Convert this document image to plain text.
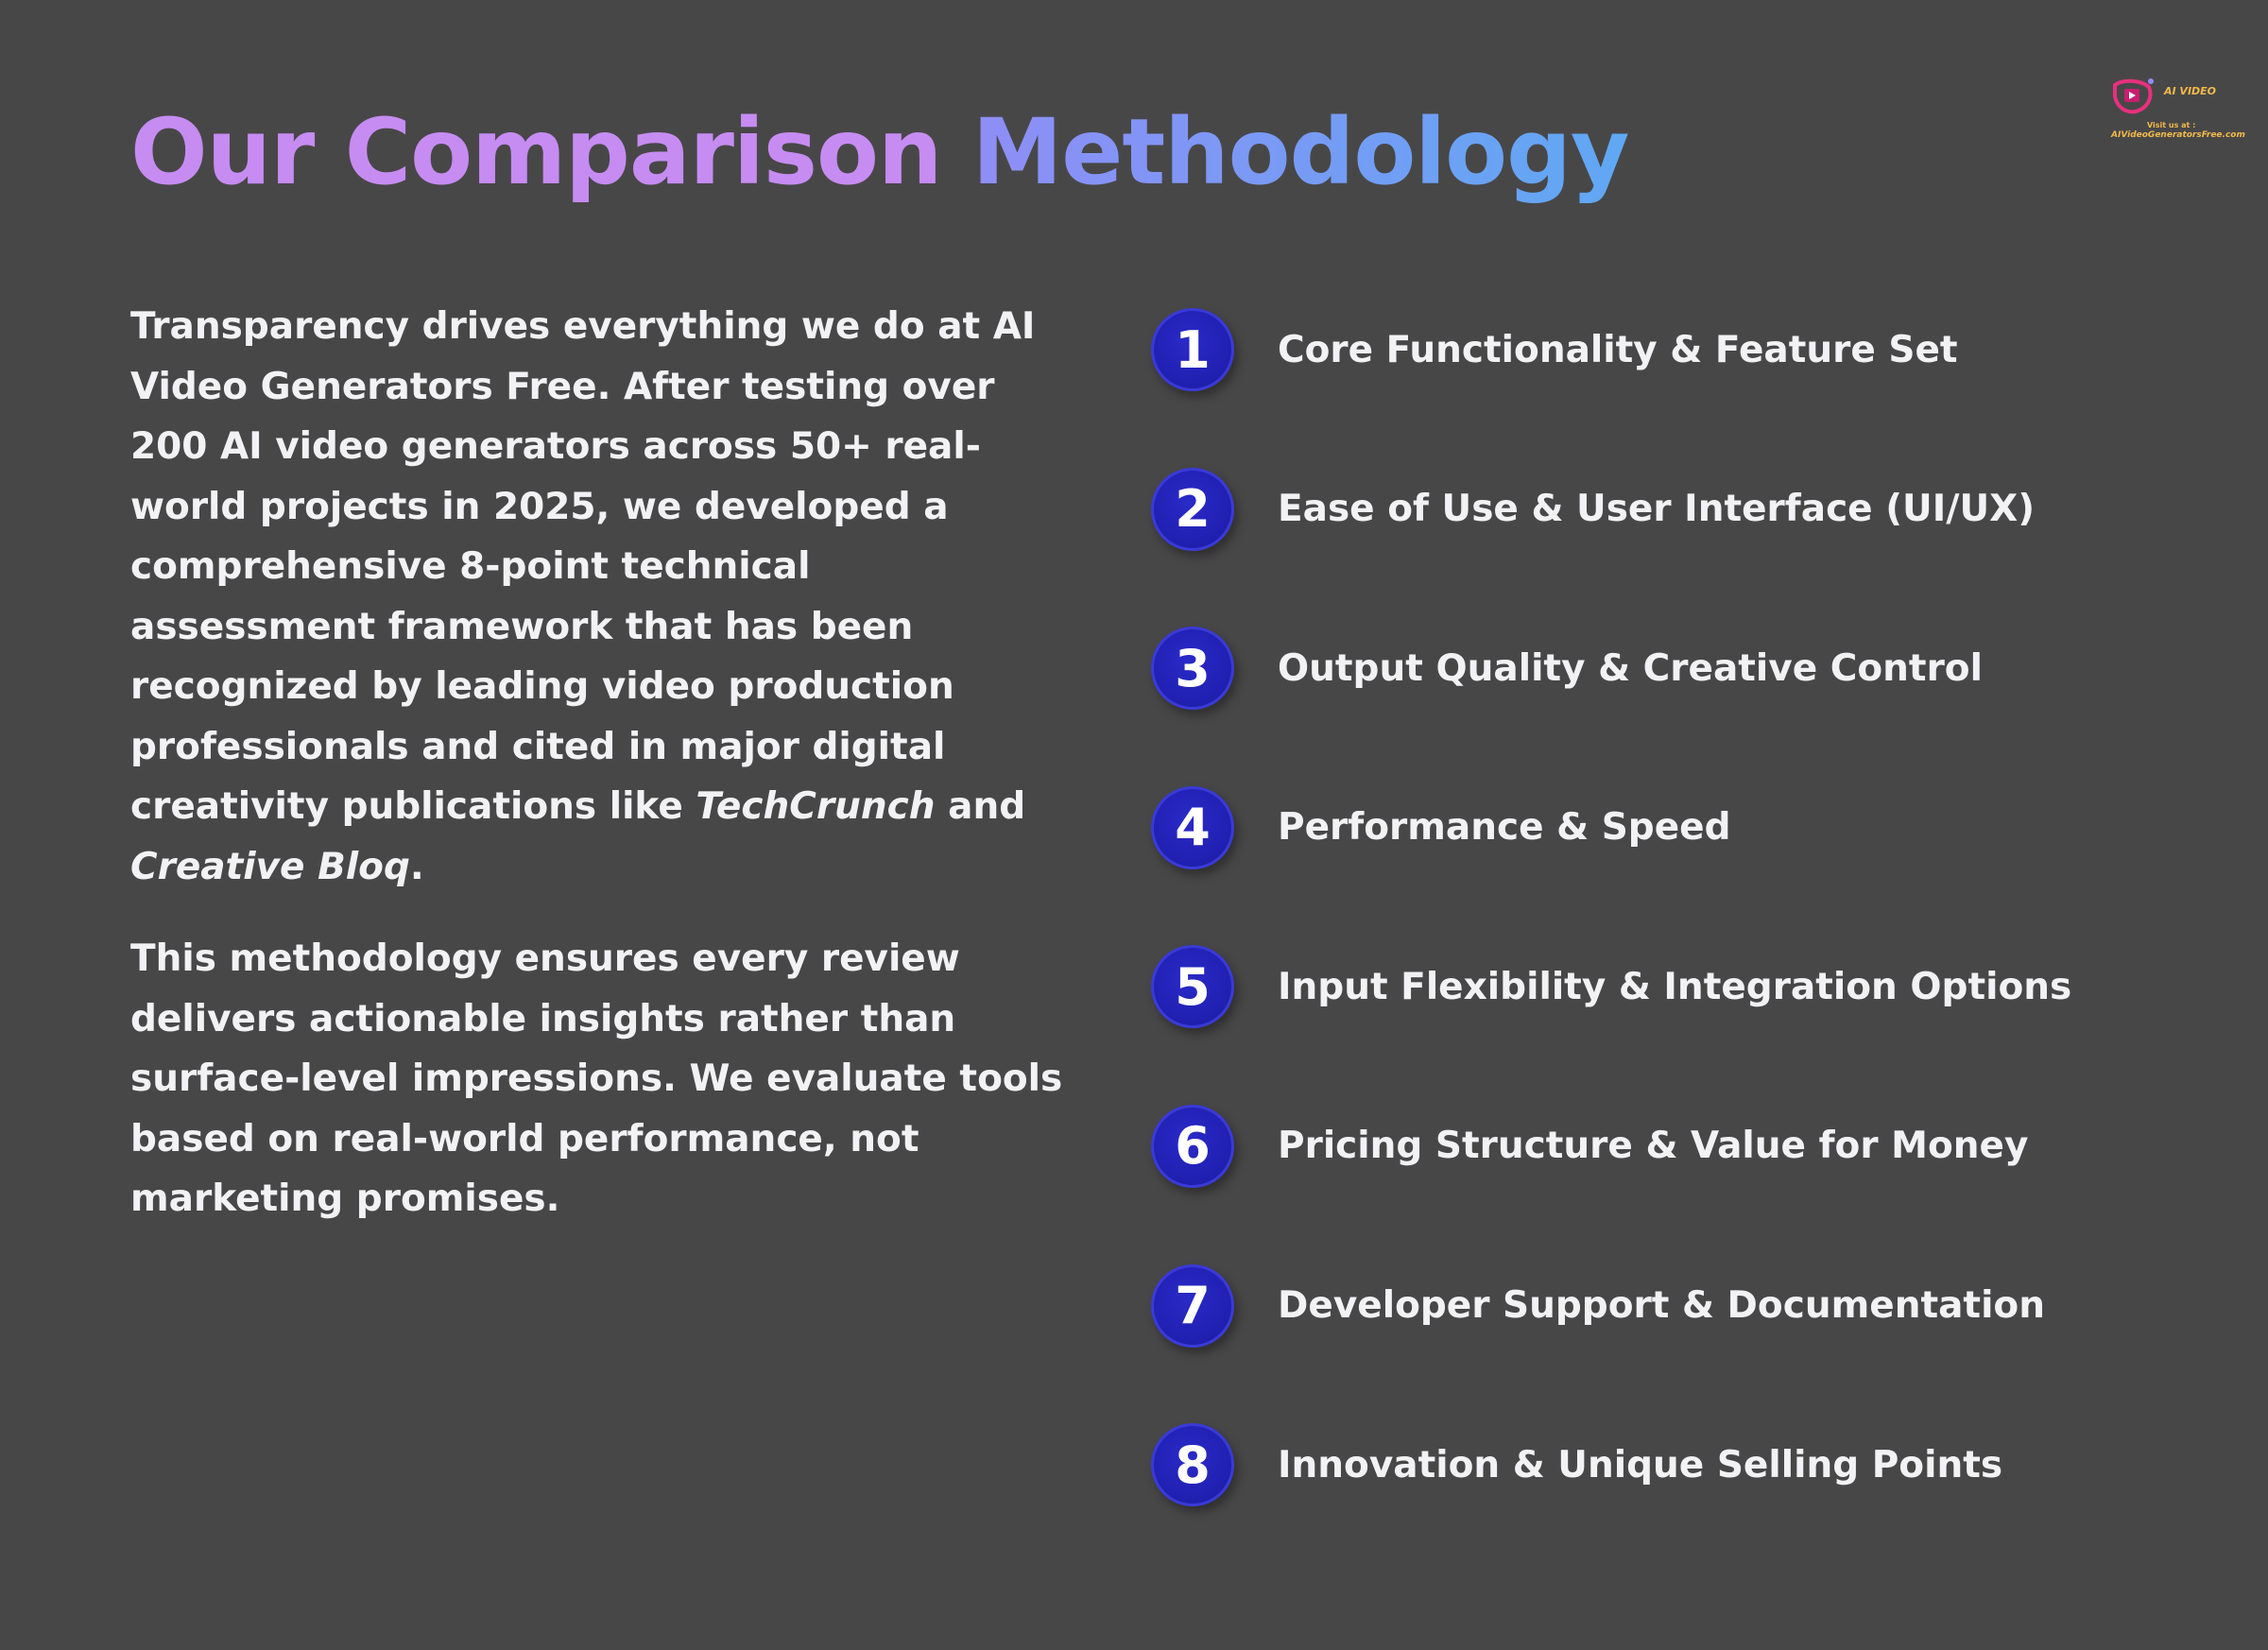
Our Comparison Methodology
AI VIDEO
Visit us at :
AIVideoGeneratorsFree.com

Transparency drives everything we do at AI Video Generators Free. After testing over 200 AI video generators across 50+ real-world projects in 2025, we developed a comprehensive 8-point technical assessment framework that has been recognized by leading video production professionals and cited in major digital creativity publications like TechCrunch and Creative Bloq.

This methodology ensures every review delivers actionable insights rather than surface-level impressions. We evaluate tools based on real-world performance, not marketing promises.

1	Core Functionality & Feature Set
2	Ease of Use & User Interface (UI/UX)
3	Output Quality & Creative Control
4	Performance & Speed
5	Input Flexibility & Integration Options
6	Pricing Structure & Value for Money
7	Developer Support & Documentation
8	Innovation & Unique Selling Points
